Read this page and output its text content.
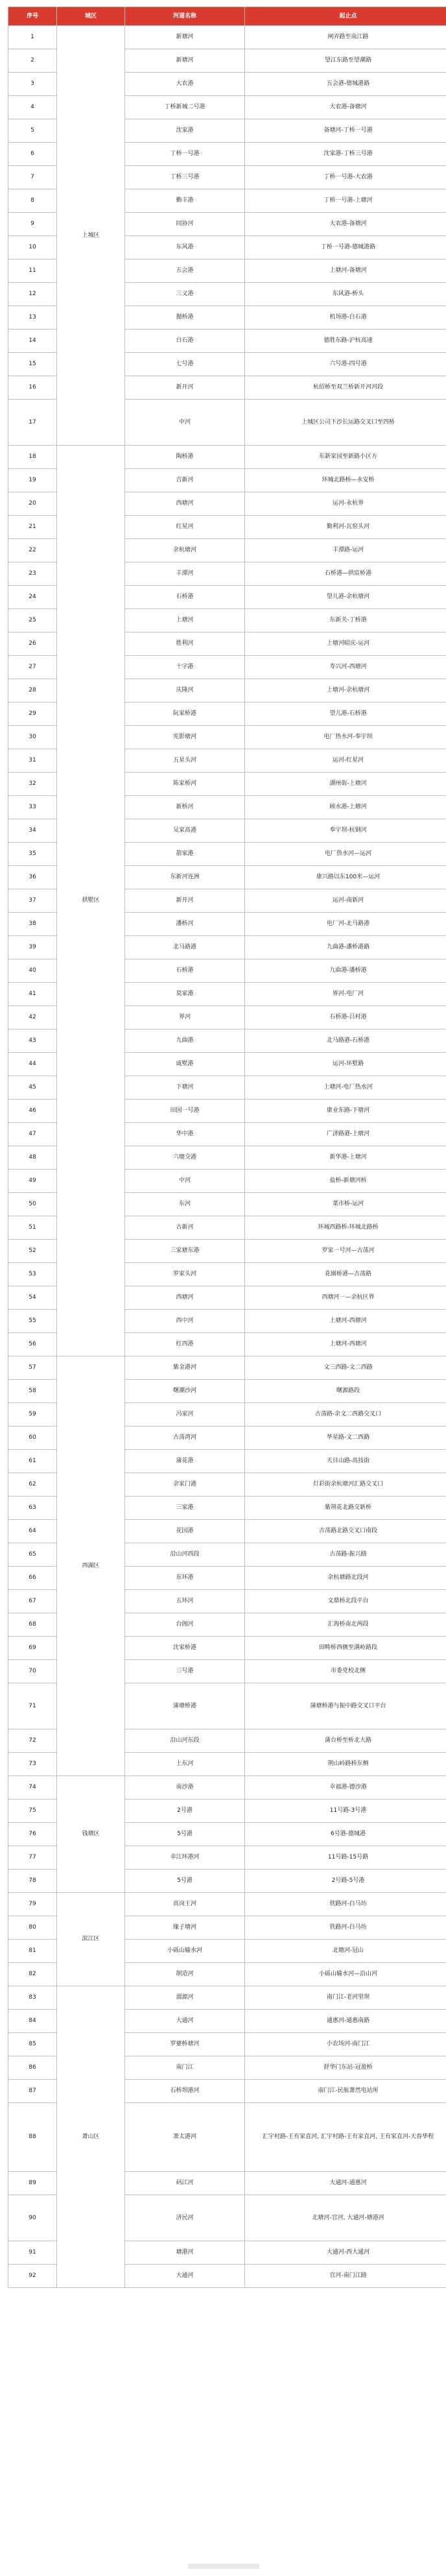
序号	城区	河道名称	起止点
1	上城区	新塘河	闸弄路至南江路
2		新塘河	望江东路至望潮路
3		大农港	五会港-德城港路
4		丁桥新城二号港	大农港-备塘河
5		沈家港	备塘河-丁桥一号港
6		丁桥一号港	沈家港-丁桥三号港
7		丁桥三号港	丁桥一号港-大农港
8		勤丰港	丁桥一号港-上塘河
9		同协河	大农港-备塘河
10		东风港	丁桥一号港-德城港路
11		五会港	上塘河-备塘河
12		三义港	东风港-桥头
13		抛桥港	机场港-白石港
14		白石港	德胜东路-沪杭高速
15		七号港	六号港-四号港
16		新开河	杭绍桥至双兰桥新开河河段
17		中河	上城区公司下沙长运路交叉口至四桥
18	拱墅区	陶桥港	东新家园至新路小区方
19		吉新河	环城北路桥—永安桥
20		西塘河	运河-永杭界
21		红星河	勤利河-瓦窑头河
22		余杭塘河	丰潭路-运河
23		丰潭河	石桥港—拱宸桥港
24		石桥港	望儿港-余杭塘河
25		上塘河	东新关-丁桥港
26		胜利河	上塘河昭庆-运河
27		十字港	寿兴河-西塘河
28		庆隆河	上塘河-余杭塘河
29		阮家桥港	望儿港-石桥港
30		宪影塘河	电厂热水河-奉宇坝
31		五星头河	运河-红星河
32		陈家桥河	湖州街-上塘河
33		新桥河	顾水港-上塘河
34		吴家高港	奉宇坝-杭钢河
35		箭家港	电厂热水河—运河
36		东新河连洲	康兴路以东100米—运河
37		新开河	运河-南新河
38		潘桥河	电厂河-北马路港
39		北马路港	九曲港-潘桥港路
40		石桥港	九曲港-潘桥港
41		莫家港	界河-电厂河
42		界河	石桥港-吕村港
43		九曲港	北马路港-石桥港
44		戚墅港	运河-环墅路
45		下塘河	上塘河-电厂热水河
46		田园一号港	康业东路-下塘河
47		华中港	广济路港-上塘河
48		六塘交港	新华港-上塘河
49		中河	盐桥-新塘河桥
50		东河	菜市桥-运河
51		古新河	环城西路桥-环城北路桥
52		三家塘东港	罗家一号河—古荡河
53		罗家头河	花園桥港—古荡路
54		西塘河	西塘河一—余杭区界
55		西中河	上塘河-西塘河
56		红西港	上塘河-西塘河
57	西湖区	紫金港河	文三西路-文二西路
58		曙潮沙河	曙源路段
59		冯家河	古荡路-余文二西路交叉口
60		古荡湾河	华星路-文二西路
61		蒲花港	天目山路-高技街
62		余家门港	灯彩街余杭塘河汇路交叉口
63		三家港	紫荆花北路交新桥
64		花园港	古荡路北路交叉口南段
65		沿山河西段	古荡路-振兴路
66		东环港	余杭塘路北段河
67		五环河	文鼎桥北段平台
68		台阁河	汇海桥南北两段
69		沈家桥港	田畴桥西侧至满岭路段
70		三号港	市委党校北侧
71		蒲塘桥港	蒲塘桥港与振中路交叉口平台
72		沿山河东段	蒲台桥至桥北大路
73		上东河	荆山岭路桥东侧
74	钱塘区	南沙港	幸福港-德沙港
75		2号港	11号路-3号港
76		5号港	6号港-德城港
77		幸江环港河	11号路-15号路
78		5号港	2号路-5号港
79	滨江区	高岗王河	铁路河-白马坊
80		缘子塘河	铁路河-白马坊
81		小砾山输水河	北塘河-冠山
82		制造河	小砾山输水河—沿山河
83	萧山区	溜源河	南门江-老河里坝
84		大通河	通惠河-通惠南路
85		罗婆桥塘河	小农场河-南门江
86		南门江	舒华门东站-冠盈桥
87		石桥坝港河	南门江-民航萧然电站所
88		萧太港河	汇宇村路-王有家直河, 汇宇村路-王有家直河, 王有家直河-天春华程
89		码江河	大通河-通惠河
90		济民河	北塘河-官河, 大通河-塘港河
91		塘港河	大通河-西大通河
92		大通河	官河-南门江路
